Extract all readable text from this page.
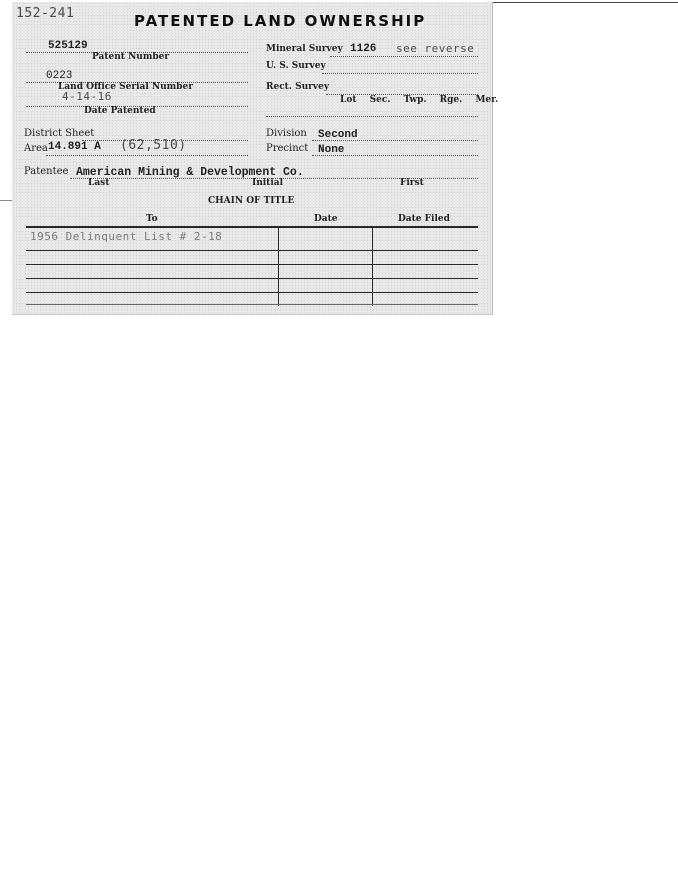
152-241	PATENTED LAND OWNERSHIP
525129
Patent Number
0223
Land Office Serial Number
4-14-16
Date Patented
District Sheet
Area 14.891 A (62,510)
Mineral Survey 1126 see reverse
U. S. Survey
Rect. Survey
Lot Sec. Twp. Rge. Mer.
Division Second
Precinct None
Patentee American Mining & Development Co.
Last	Initial	First
CHAIN OF TITLE
To	Date	Date Filed
1956 Delinquent List # 2-18
